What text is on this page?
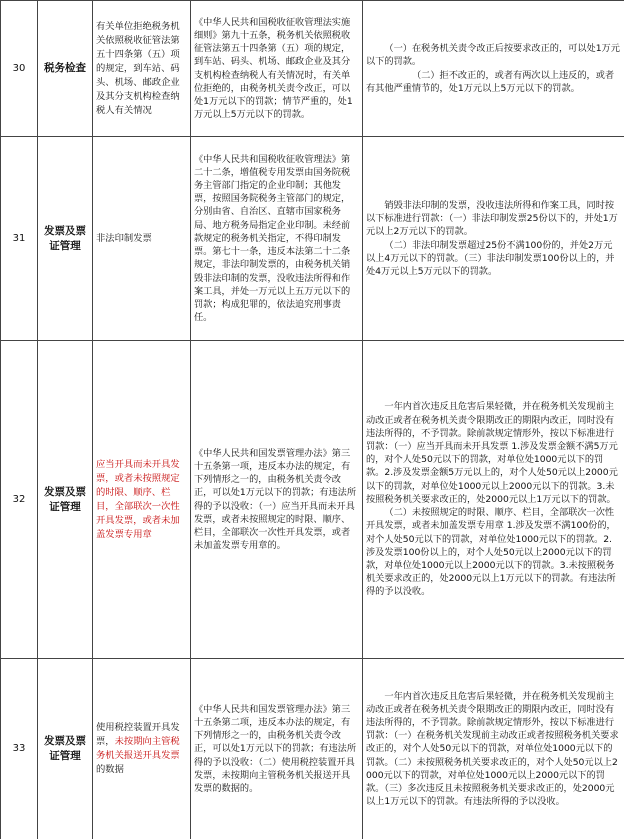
30	税务检查	有关单位拒绝税务机关依照税收征管法第五十四条第（五）项的规定，到车站、码头、机场、邮政企业及其分支机构检查纳税人有关情况	《中华人民共和国税收征收管理法实施细则》第九十五条，税务机关依照税收征管法第五十四条第（五）项的规定，到车站、码头、机场、邮政企业及其分支机构检查纳税人有关情况时，有关单位拒绝的，由税务机关责令改正，可以处1万元以下的罚款；情节严重的，处1万元以上5万元以下的罚款。	（一）在税务机关责令改正后按要求改正的，可以处1万元以下的罚款。
（二）拒不改正的，或者有两次以上违反的，或者有其他严重情节的，处1万元以上5万元以下的罚款。

31	发票及票证管理	非法印制发票	《中华人民共和国税收征收管理法》第二十二条，增值税专用发票由国务院税务主管部门指定的企业印制；其他发票，按照国务院税务主管部门的规定，分别由省、自治区、直辖市国家税务局、地方税务局指定企业印制。未经前款规定的税务机关指定，不得印制发票。第七十一条，违反本法第二十二条规定，非法印制发票的，由税务机关销毁非法印制的发票，没收违法所得和作案工具，并处一万元以上五万元以下的罚款；构成犯罪的，依法追究刑事责任。	销毁非法印制的发票，没收违法所得和作案工具，同时按以下标准进行罚款：（一）非法印制发票25份以下的，并处1万元以上2万元以下的罚款。
（二）非法印制发票超过25份不满100份的，并处2万元以上4万元以下的罚款。（三）非法印制发票100份以上的，并处4万元以上5万元以下的罚款。

32	发票及票证管理	应当开具而未开具发票，或者未按照规定的时限、顺序、栏目，全部联次一次性开具发票，或者未加盖发票专用章	《中华人民共和国发票管理办法》第三十五条第一项，违反本办法的规定，有下列情形之一的，由税务机关责令改正，可以处1万元以下的罚款；有违法所得的予以没收：（一）应当开具而未开具发票，或者未按照规定的时限、顺序、栏目，全部联次一次性开具发票，或者未加盖发票专用章的。	一年内首次违反且危害后果轻微，并在税务机关发现前主动改正或者在税务机关责令限期改正的期限内改正，同时没有违法所得的，不予罚款。除前款规定情形外，按以下标准进行罚款：（一）应当开具而未开具发票 1.涉及发票金额不满5万元的，对个人处50元以下的罚款，对单位处1000元以下的罚款。2.涉及发票金额5万元以上的，对个人处50元以上2000元以下的罚款，对单位处1000元以上2000元以下的罚款。3.未按照税务机关要求改正的，处2000元以上1万元以下的罚款。
（二）未按照规定的时限、顺序、栏目，全部联次一次性开具发票，或者未加盖发票专用章 1.涉及发票不满100份的，对个人处50元以下的罚款，对单位处1000元以下的罚款。2.涉及发票100份以上的，对个人处50元以上2000元以下的罚款，对单位处1000元以上2000元以下的罚款。3.未按照税务机关要求改正的，处2000元以上1万元以下的罚款。有违法所得的予以没收。

33	发票及票证管理	使用税控装置开具发票，未按期向主管税务机关报送开具发票的数据	《中华人民共和国发票管理办法》第三十五条第二项，违反本办法的规定，有下列情形之一的，由税务机关责令改正，可以处1万元以下的罚款；有违法所得的予以没收：（二）使用税控装置开具发票，未按期向主管税务机关报送开具发票的数据的。	一年内首次违反且危害后果轻微，并在税务机关发现前主动改正或者在税务机关责令限期改正的期限内改正，同时没有违法所得的，不予罚款。除前款规定情形外，按以下标准进行罚款：（一）在税务机关发现前主动改正或者按照税务机关要求改正的，对个人处50元以下的罚款，对单位处1000元以下的罚款。（二）未按照税务机关要求改正的，对个人处50元以上2000元以下的罚款，对单位处1000元以上2000元以下的罚款。（三）多次违反且未按照税务机关要求改正的，处2000元以上1万元以下的罚款。有违法所得的予以没收。
